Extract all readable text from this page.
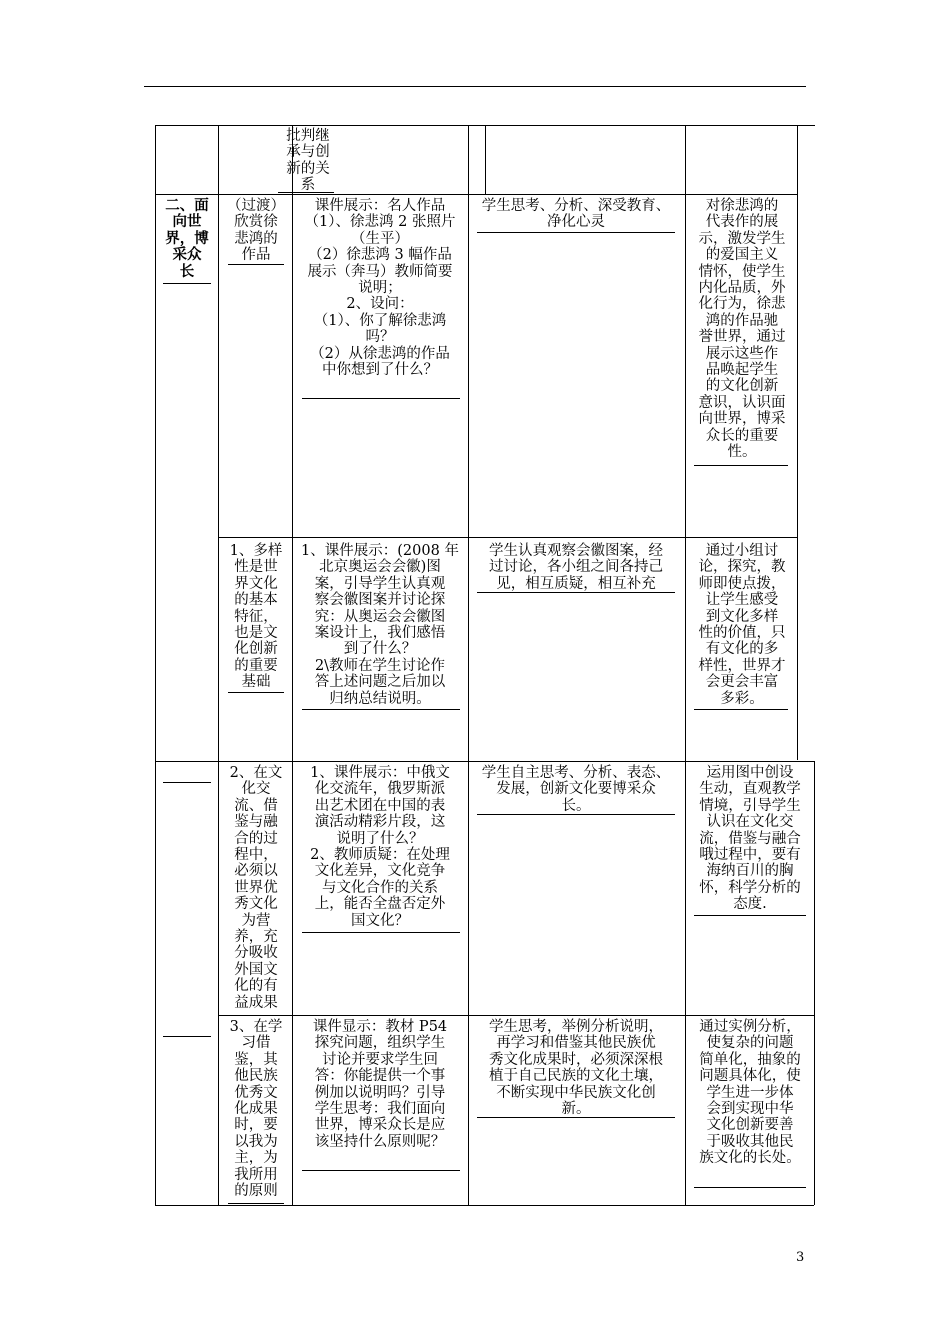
批判继
承与创
新的关
系
二、面
向世
界，博
采众
长
（过渡）
欣赏徐
悲鸿的
作品
课件展示：名人作品
（1）、徐悲鸿 2 张照片
（生平）
（2）徐悲鸿 3 幅作品
展示（奔马）教师简要
说明；
2、设问：
（1）、你了解徐悲鸿
吗？
（2）从徐悲鸿的作品
中你想到了什么？
学生思考、分析、深受教育、
净化心灵
对徐悲鸿的
代表作的展
示，激发学生
的爱国主义
情怀，使学生
内化品质，外
化行为，徐悲
鸿的作品驰
誉世界，通过
展示这些作
品唤起学生
的文化创新
意识，认识面
向世界，博采
众长的重要
性。
1、多样
性是世
界文化
的基本
特征，
也是文
化创新
的重要
基础
1、课件展示：(2008 年
北京奥运会会徽)图
案，引导学生认真观
察会徽图案并讨论探
究：从奥运会会徽图
案设计上，我们感悟
到了什么？
2\教师在学生讨论作
答上述问题之后加以
归纳总结说明。
学生认真观察会徽图案，经
过讨论，各小组之间各持己
见，相互质疑，相互补充
通过小组讨
论，探究，教
师即使点拨，
让学生感受
到文化多样
性的价值，只
有文化的多
样性，世界才
会更会丰富
多彩。
2、在文
化交
流、借
鉴与融
合的过
程中，
必须以
世界优
秀文化
为营
养，充
分吸收
外国文
化的有
益成果
1、课件展示：中俄文
化交流年，俄罗斯派
出艺术团在中国的表
演活动精彩片段，这
说明了什么？
2、教师质疑：在处理
文化差异，文化竞争
与文化合作的关系
上，能否全盘否定外
国文化？
学生自主思考、分析、表态、
发展，创新文化要博采众
长。
运用图中创设
生动，直观教学
情境，引导学生
认识在文化交
流，借鉴与融合
哦过程中，要有
海纳百川的胸
怀，科学分析的
态度.
3、在学
习借
鉴，其
他民族
优秀文
化成果
时，要
以我为
主，为
我所用
的原则
课件显示：教材 P54
探究问题，组织学生
讨论并要求学生回
答：你能提供一个事
例加以说明吗？引导
学生思考：我们面向
世界，博采众长是应
该坚持什么原则呢？
学生思考，举例分析说明，
再学习和借鉴其他民族优
秀文化成果时，必须深深根
植于自己民族的文化土壤，
不断实现中华民族文化创
新。
通过实例分析，
使复杂的问题
简单化，抽象的
问题具体化，使
学生进一步体
会到实现中华
文化创新要善
于吸收其他民
族文化的长处。
3
